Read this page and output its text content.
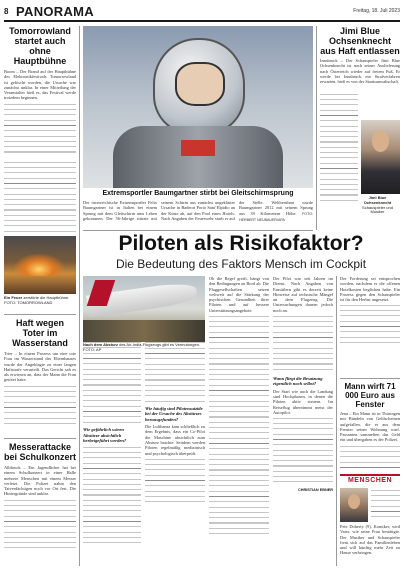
8 PANORAMA	Freitag, 18. Juli 2023
Tomorrowland startet auch ohne Hauptbühne
Boom – Der Brand auf der Hauptbühne des Elektronikfestivals Tomorrowland ist gelöscht worden, die Ursache war zunächst unklar. In einer Mitteilung der Veranstalter hieß es, das Festival werde trotzdem beginnen.
Ein Feuer zerstörte die Hauptbühne. FOTO: TOMORROWLAND
Haft wegen Toter im Wasserstand
Trier – In einem Prozess um eine tote Frau im Wasserstand des Elternhauses wurde der Angeklagte zu einer langen Haftstrafe verurteilt. Das Gericht sah es als erwiesen an, dass der Mann die Frau getötet hatte.
Messerattacke bei Schulkonzert
Albbruck – Ein Jugendlicher hat bei einem Schulkonzert in einer Halle mehrere Menschen mit einem Messer verletzt. Die Polizei nahm den Tatverdächtigen noch vor Ort fest. Die Hintergründe sind unklar.
Extremsportler Baumgartner stirbt bei Gleitschirmsprung
Der österreichische Extremsportler Felix Baumgartner ist in Italien bei einem Sprung mit dem Gleitschirm ums Leben gekommen. Der 56-Jährige stürzte mit seinem Schirm aus zunächst ungeklärter Ursache in Badeort Porto Sant’Elpidio an der Küste ab, auf den Pool eines Hotels. Nach Angaben der Feuerwehr starb er auf der Stelle. Weltberühmt wurde Baumgartner 2012 mit seinem Sprung aus 39 Kilometern Höhe. FOTO: HERBERT NEUBAUER/APA
Piloten als Risikofaktor?
Die Bedeutung des Faktors Mensch im Cockpit
Wie gefährlich wären Abstürze absichtlich herbeigeführt werden?
Wie häufig sind Pilotensuizide bei der Ursache des Abstürzes herausgefunden?
Die Lufthansa kam schließlich zu dem Ergebnis, dass ein Co-Pilot die Maschine absichtlich zum Absturz brachte. Seitdem werden Piloten regelmäßig medizinisch und psychologisch überprüft.
Nach dem Absturz des Air-India-Flugzeugs gibt es Vermutungen. FOTO: AP
Ob die Regel greift, hängt von den Bedingungen an Bord ab. Die Fluggesellschaften setzen weltweit auf die Stärkung der psychischen Gesundheit ihrer Piloten und auf bessere Unterstützungsangebote.
Der Pilot war seit Jahren im Dienst. Nach Angaben von Ermittlern gibt es derzeit keine Hinweise auf technische Mängel an dem Flugzeug. Die Untersuchungen dauern jedoch noch an.
Wann fliegt die Besatzung eigentlich noch selbst?
Der Start wie auch die Landung sind Hochphasen, in denen die Piloten aktiv steuern. Im Reiseflug übernimmt meist der Autopilot.
CHRISTIAN EBNER
Jimi Blue Ochsenknecht aus Haft entlassen
Innsbruck – Der Schauspieler Jimi Blue Ochsenknecht ist nach seiner Auslieferung nach Österreich wieder auf freiem Fuß. Er werde bei Innsbruck ein Strafverfahren erwarten, hieß es von der Staatsanwaltschaft.
Jimi Blue Ochsenknecht
Schauspieler und Musiker
Der Forderung sei entsprochen worden, nachdem er die offenen Hotelkosten beglichen habe. Ein Prozess gegen den Schauspieler ist für den Herbst angesetzt.
Mann wirft 71 000 Euro aus Fenster
Jena – Ein Mann ist in Thüringen mit Bündeln von Geldscheinen aufgefallen, die er aus dem Fenster seiner Wohnung warf. Passanten sammelten das Geld ein und übergaben es der Polizei.
MENSCHEN
Pete Doherty (9), Komiker, wird Vater, wie seine Frau bestätigte. Der Musiker und Schauspieler freut sich auf das Familienleben und will künftig mehr Zeit zu Hause verbringen.
